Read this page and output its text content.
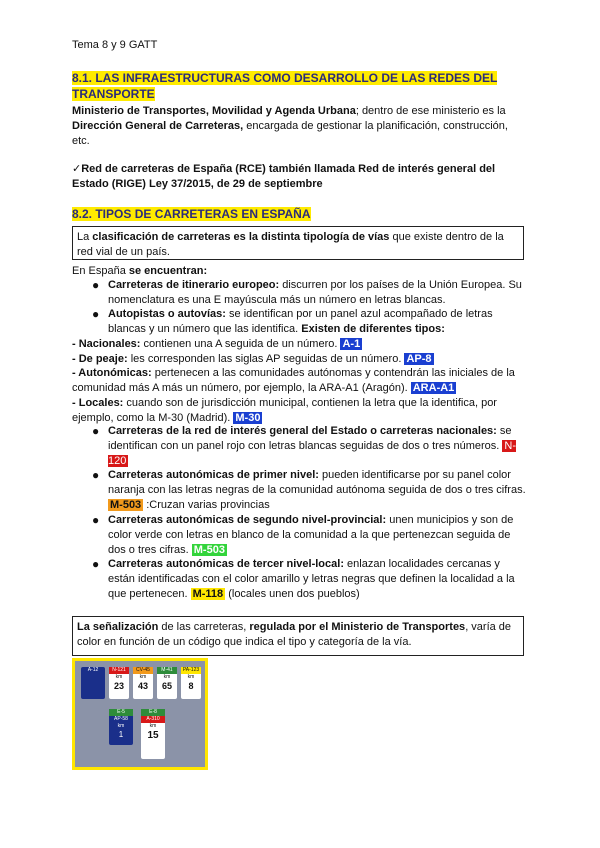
Tema 8 y 9 GATT
8.1. LAS INFRAESTRUCTURAS COMO DESARROLLO DE LAS REDES DEL TRANSPORTE
Ministerio de Transportes, Movilidad y Agenda Urbana; dentro de ese ministerio es la Dirección General de Carreteras, encargada de gestionar la planificación, construcción, etc.
✓Red de carreteras de España (RCE) también llamada Red de interés general del Estado (RIGE) Ley 37/2015, de 29 de septiembre
8.2. TIPOS DE CARRETERAS EN ESPAÑA
La clasificación de carreteras es la distinta tipología de vías que existe dentro de la red vial de un país.
En España se encuentran:
● Carreteras de itinerario europeo: discurren por los países de la Unión Europea. Su nomenclatura es una E mayúscula más un número en letras blancas.
● Autopistas o autovías: se identifican por un panel azul acompañado de letras blancas y un número que las identifica. Existen de diferentes tipos:
- Nacionales: contienen una A seguida de un número. A-1
- De peaje: les corresponden las siglas AP seguidas de un número. AP-8
- Autonómicas: pertenecen a las comunidades autónomas y contendrán las iniciales de la comunidad más A más un número, por ejemplo, la ARA-A1 (Aragón). ARA-A1
- Locales: cuando son de jurisdicción municipal, contienen la letra que la identifica, por ejemplo, como la M-30 (Madrid). M-30
● Carreteras de la red de interés general del Estado o carreteras nacionales: se identifican con un panel rojo con letras blancas seguidas de dos o tres números. N-120
● Carreteras autonómicas de primer nivel: pueden identificarse por su panel color naranja con las letras negras de la comunidad autónoma seguida de dos o tres cifras. M-503 :Cruzan varias provincias
● Carreteras autonómicas de segundo nivel-provincial: unen municipios y son de color verde con letras en blanco de la comunidad a la que pertenezcan seguida de dos o tres cifras. M-503
● Carreteras autonómicas de tercer nivel-local: enlazan localidades cercanas y están identificadas con el color amarillo y letras negras que definen la localidad a la que pertenecen. M-118 (locales unen dos pueblos)
La señalización de las carreteras, regulada por el Ministerio de Transportes, varía de color en función de un código que indica el tipo y categoría de la vía.
A-12	N-121
km
23
CV-45
km
43
M-41
km
65
PA-123
km
8
E-5
AP-58
km
1
E-8
A-310
km
15
